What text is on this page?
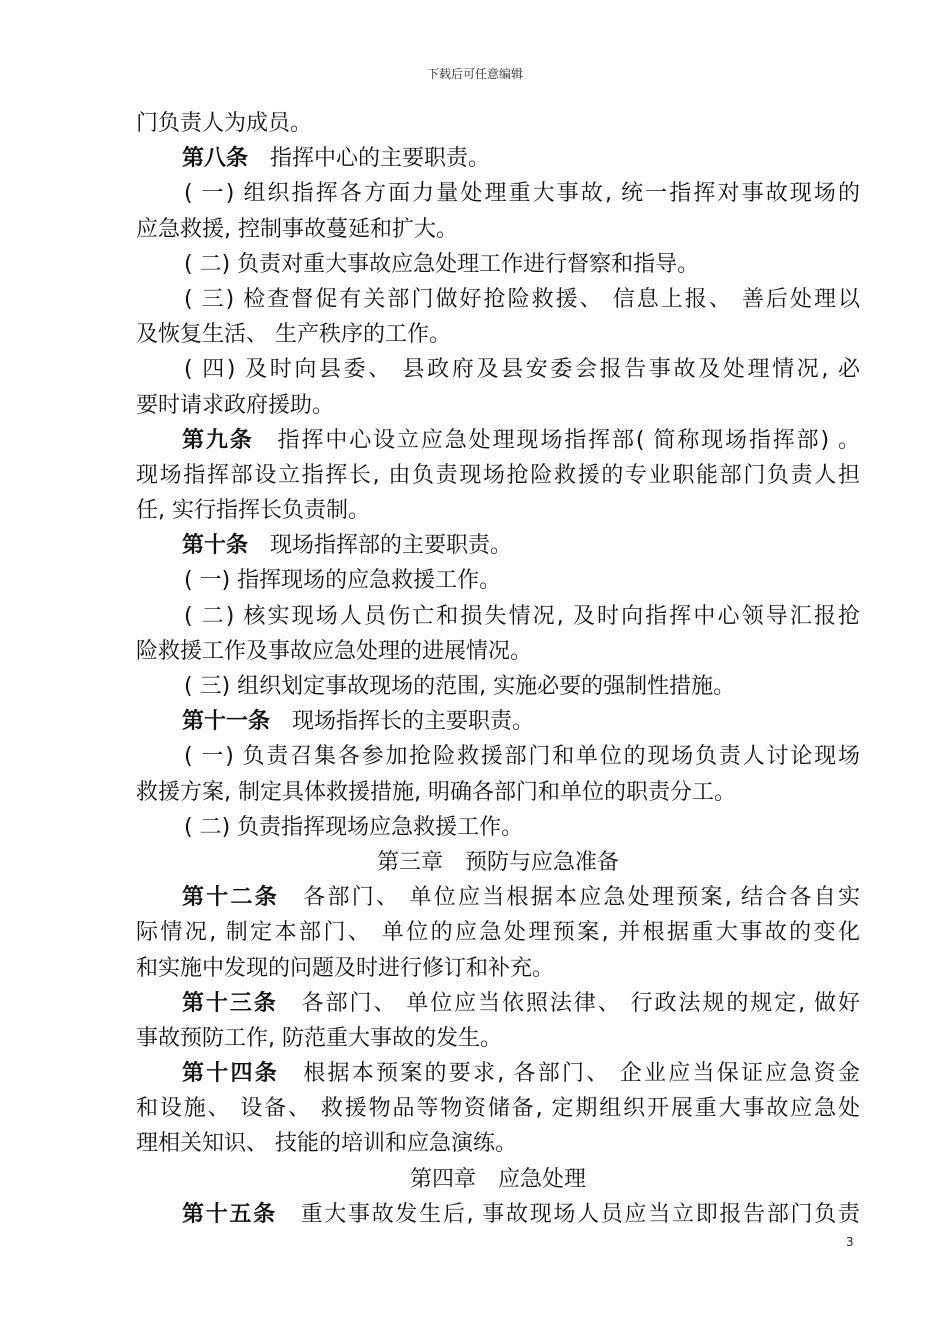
下载后可任意编辑
门负责人为成员。
第八条 指挥中心的主要职责。
( 一) 组织指挥各方面力量处理重大事故, 统一指挥对事故现场的
应急救援, 控制事故蔓延和扩大。
( 二) 负责对重大事故应急处理工作进行督察和指导。
( 三) 检查督促有关部门做好抢险救援、 信息上报、 善后处理以
及恢复生活、 生产秩序的工作。
( 四) 及时向县委、 县政府及县安委会报告事故及处理情况, 必
要时请求政府援助。
第九条 指挥中心设立应急处理现场指挥部( 简称现场指挥部) 。
现场指挥部设立指挥长, 由负责现场抢险救援的专业职能部门负责人担
任, 实行指挥长负责制。
第十条 现场指挥部的主要职责。
( 一) 指挥现场的应急救援工作。
( 二) 核实现场人员伤亡和损失情况, 及时向指挥中心领导汇报抢
险救援工作及事故应急处理的进展情况。
( 三) 组织划定事故现场的范围, 实施必要的强制性措施。
第十一条 现场指挥长的主要职责。
( 一) 负责召集各参加抢险救援部门和单位的现场负责人讨论现场
救援方案, 制定具体救援措施, 明确各部门和单位的职责分工。
( 二) 负责指挥现场应急救援工作。
第三章　预防与应急准备
第十二条 各部门、 单位应当根据本应急处理预案, 结合各自实
际情况, 制定本部门、 单位的应急处理预案, 并根据重大事故的变化
和实施中发现的问题及时进行修订和补充。
第十三条 各部门、 单位应当依照法律、 行政法规的规定, 做好
事故预防工作, 防范重大事故的发生。
第十四条 根据本预案的要求, 各部门、 企业应当保证应急资金
和设施、 设备、 救援物品等物资储备, 定期组织开展重大事故应急处
理相关知识、 技能的培训和应急演练。
第四章　应急处理
第十五条 重大事故发生后, 事故现场人员应当立即报告部门负责
3
